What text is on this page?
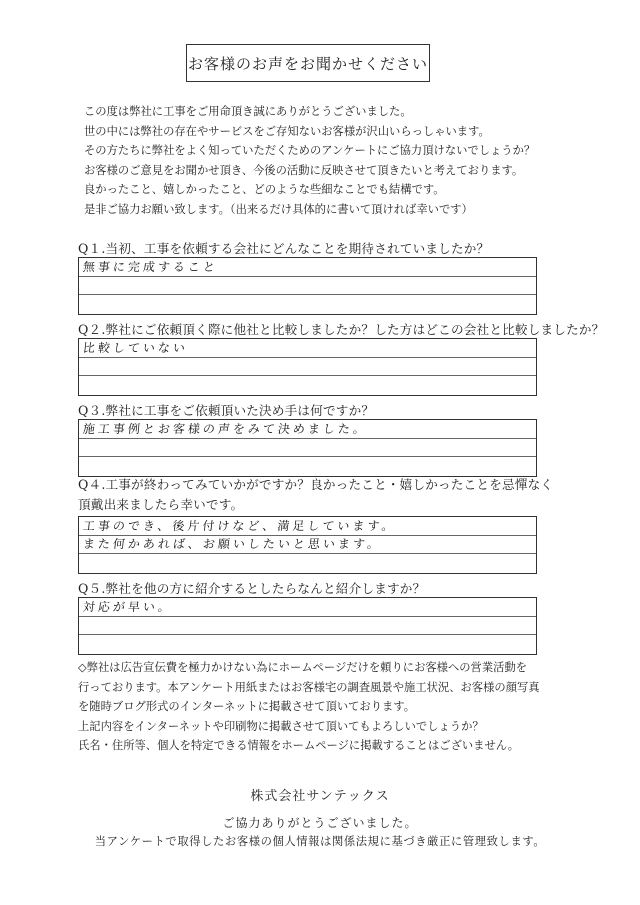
お客様のお声をお聞かせください
この度は弊社に工事をご用命頂き誠にありがとうございました。
世の中には弊社の存在やサービスをご存知ないお客様が沢山いらっしゃいます。
その方たちに弊社をよく知っていただくためのアンケートにご協力頂けないでしょうか？
お客様のご意見をお聞かせ頂き、今後の活動に反映させて頂きたいと考えております。
良かったこと、嬉しかったこと、どのような些細なことでも結構です。
是非ご協力お願い致します。（出来るだけ具体的に書いて頂ければ幸いです）
Q１.当初、工事を依頼する会社にどんなことを期待されていましたか？
無事に完成すること
Q２.弊社にご依頼頂く際に他社と比較しましたか？した方はどこの会社と比較しましたか？
比較していない
Q３.弊社に工事をご依頼頂いた決め手は何ですか？
施工事例とお客様の声をみて決めました。
Q４.工事が終わってみていかがですか？良かったこと・嬉しかったことを忌憚なく頂戴出来ましたら幸いです。
工事のでき、後片付けなど、満足しています。
また何かあれば、お願いしたいと思います。
Q５.弊社を他の方に紹介するとしたらなんと紹介しますか？
対応が早い。
◇弊社は広告宣伝費を極力かけない為にホームページだけを頼りにお客様への営業活動を
行っております。本アンケート用紙またはお客様宅の調査風景や施工状況、お客様の顔写真
を随時ブログ形式のインターネットに掲載させて頂いております。
上記内容をインターネットや印刷物に掲載させて頂いてもよろしいでしょうか？
氏名・住所等、個人を特定できる情報をホームページに掲載することはございません。
株式会社サンテックス
ご協力ありがとうございました。
当アンケートで取得したお客様の個人情報は関係法規に基づき厳正に管理致します。
